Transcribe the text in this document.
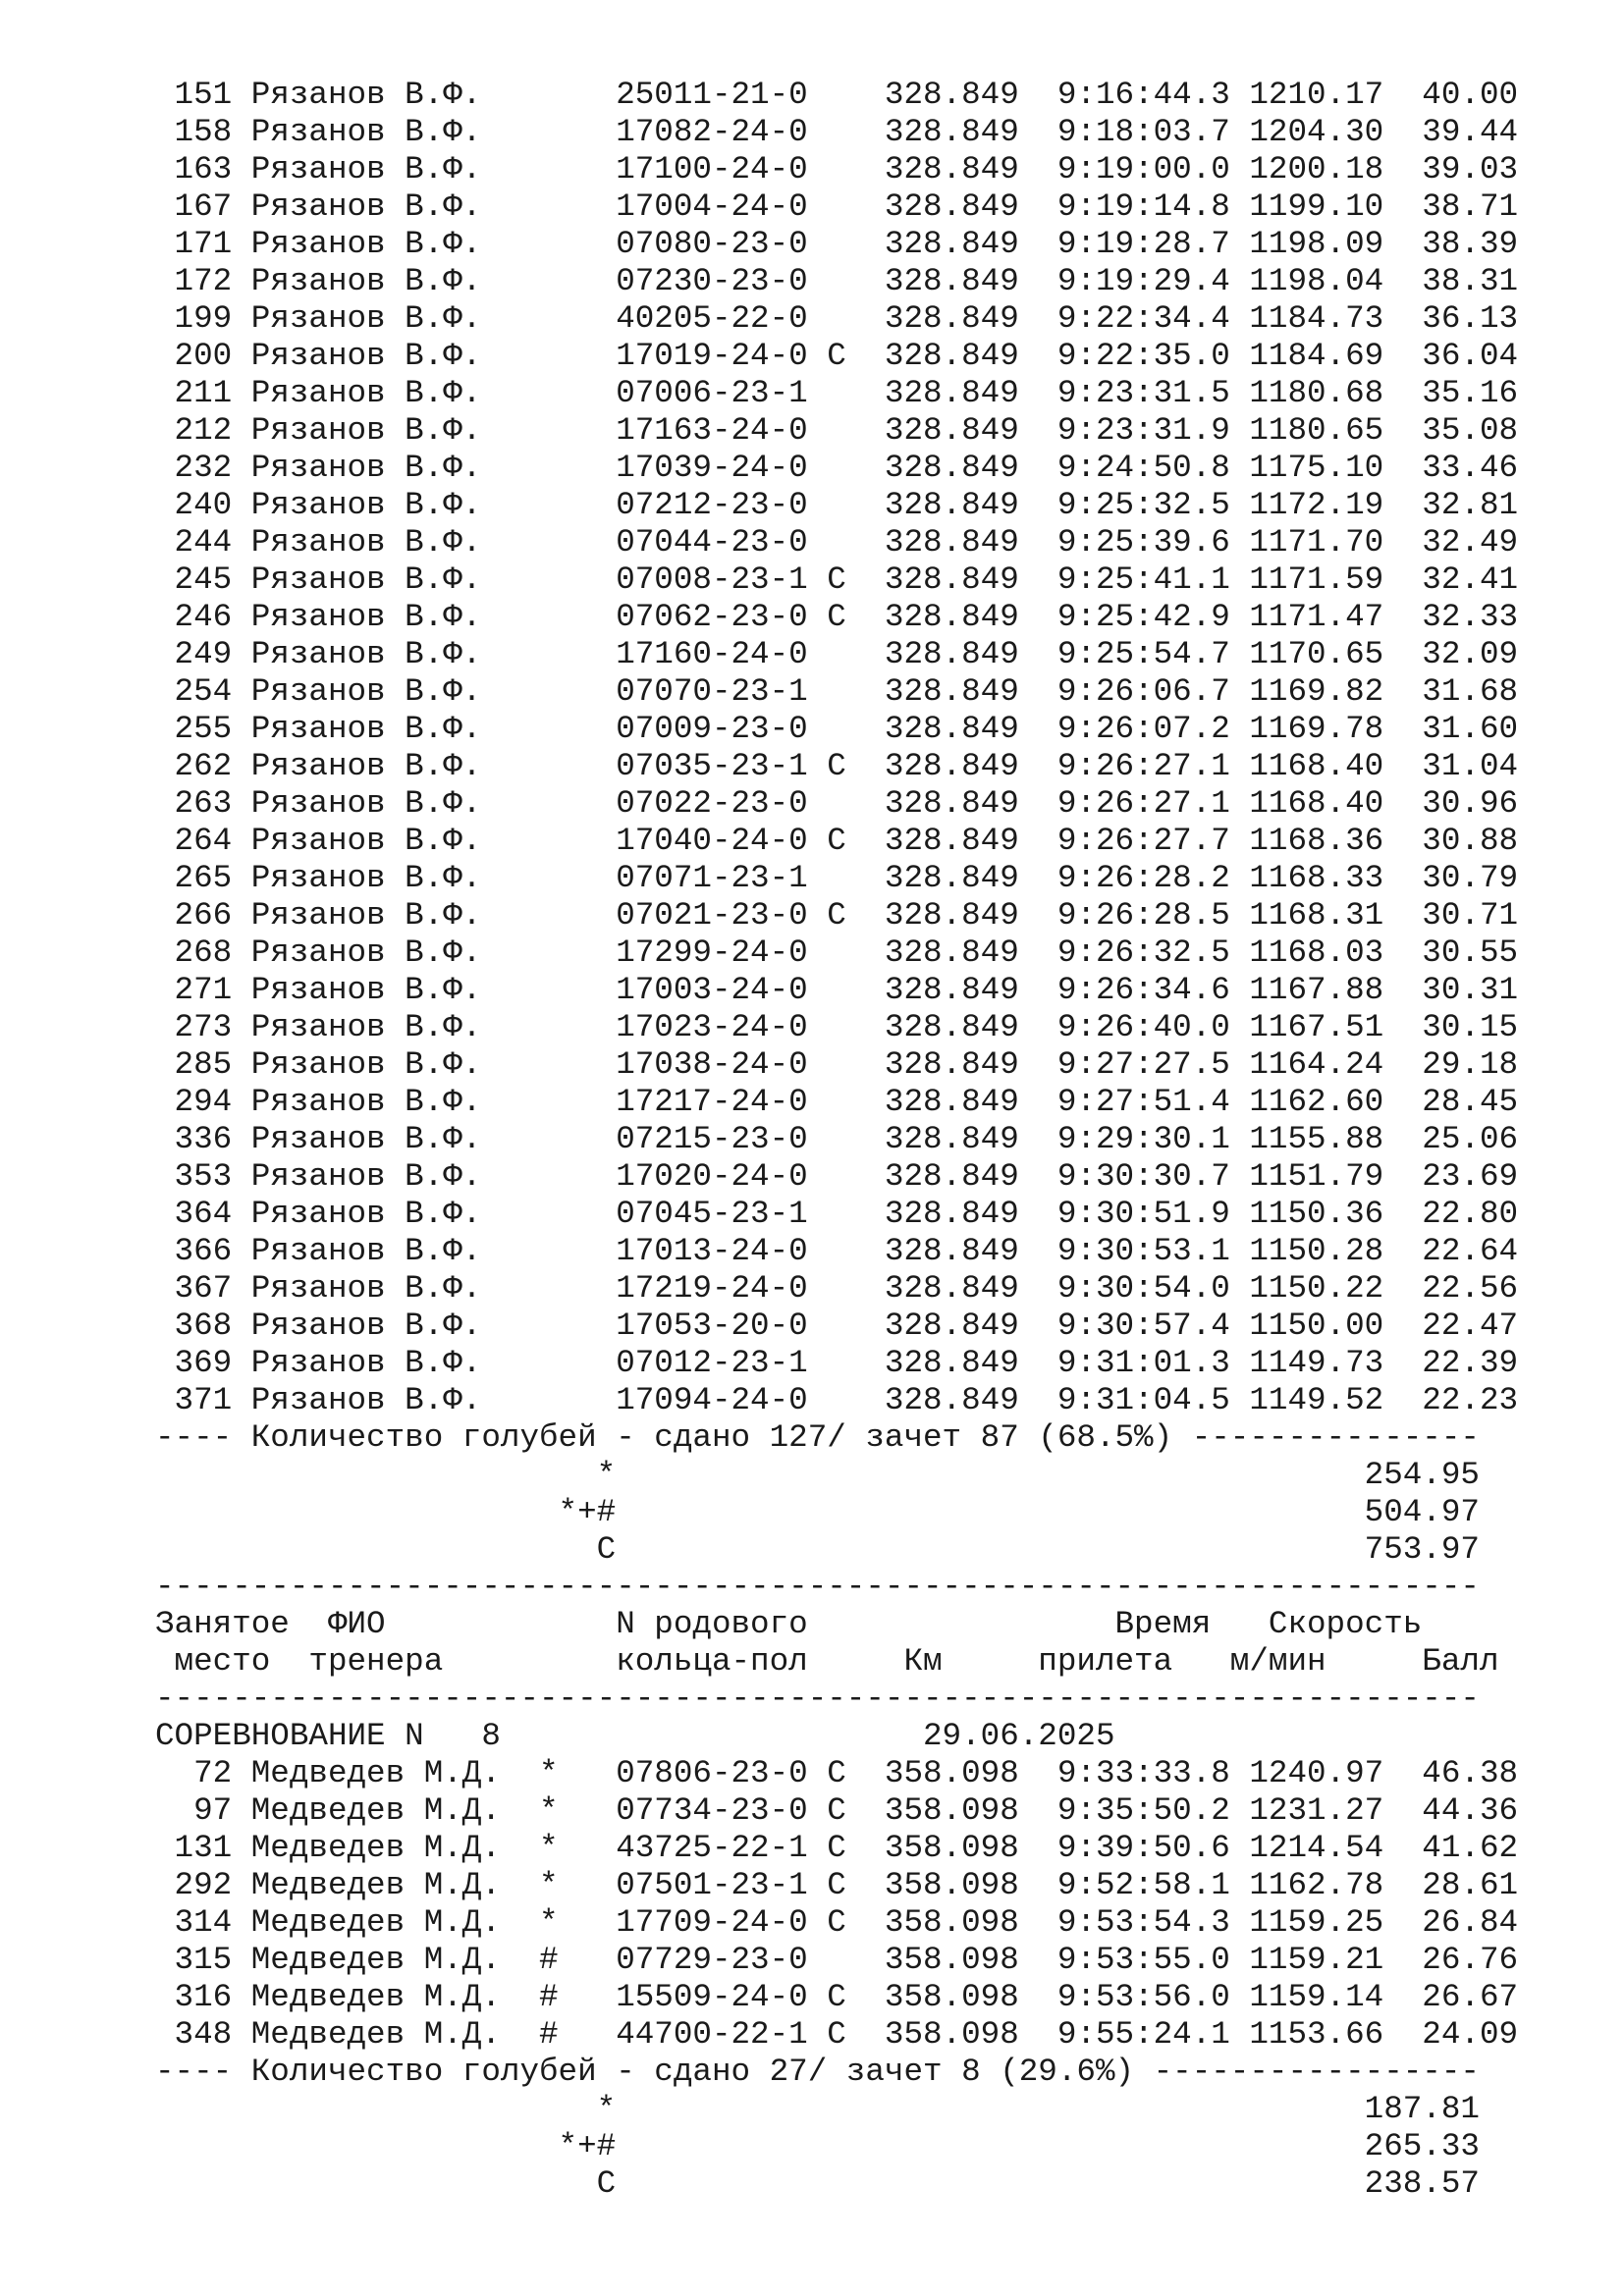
151 Рязанов В.Ф.       25011-21-0    328.849  9:16:44.3 1210.17  40.00
158 Рязанов В.Ф.       17082-24-0    328.849  9:18:03.7 1204.30  39.44
163 Рязанов В.Ф.       17100-24-0    328.849  9:19:00.0 1200.18  39.03
167 Рязанов В.Ф.       17004-24-0    328.849  9:19:14.8 1199.10  38.71
171 Рязанов В.Ф.       07080-23-0    328.849  9:19:28.7 1198.09  38.39
172 Рязанов В.Ф.       07230-23-0    328.849  9:19:29.4 1198.04  38.31
199 Рязанов В.Ф.       40205-22-0    328.849  9:22:34.4 1184.73  36.13
200 Рязанов В.Ф.       17019-24-0 C  328.849  9:22:35.0 1184.69  36.04
211 Рязанов В.Ф.       07006-23-1    328.849  9:23:31.5 1180.68  35.16
212 Рязанов В.Ф.       17163-24-0    328.849  9:23:31.9 1180.65  35.08
232 Рязанов В.Ф.       17039-24-0    328.849  9:24:50.8 1175.10  33.46
240 Рязанов В.Ф.       07212-23-0    328.849  9:25:32.5 1172.19  32.81
244 Рязанов В.Ф.       07044-23-0    328.849  9:25:39.6 1171.70  32.49
245 Рязанов В.Ф.       07008-23-1 C  328.849  9:25:41.1 1171.59  32.41
246 Рязанов В.Ф.       07062-23-0 C  328.849  9:25:42.9 1171.47  32.33
249 Рязанов В.Ф.       17160-24-0    328.849  9:25:54.7 1170.65  32.09
254 Рязанов В.Ф.       07070-23-1    328.849  9:26:06.7 1169.82  31.68
255 Рязанов В.Ф.       07009-23-0    328.849  9:26:07.2 1169.78  31.60
262 Рязанов В.Ф.       07035-23-1 C  328.849  9:26:27.1 1168.40  31.04
263 Рязанов В.Ф.       07022-23-0    328.849  9:26:27.1 1168.40  30.96
264 Рязанов В.Ф.       17040-24-0 C  328.849  9:26:27.7 1168.36  30.88
265 Рязанов В.Ф.       07071-23-1    328.849  9:26:28.2 1168.33  30.79
266 Рязанов В.Ф.       07021-23-0 C  328.849  9:26:28.5 1168.31  30.71
268 Рязанов В.Ф.       17299-24-0    328.849  9:26:32.5 1168.03  30.55
271 Рязанов В.Ф.       17003-24-0    328.849  9:26:34.6 1167.88  30.31
273 Рязанов В.Ф.       17023-24-0    328.849  9:26:40.0 1167.51  30.15
285 Рязанов В.Ф.       17038-24-0    328.849  9:27:27.5 1164.24  29.18
294 Рязанов В.Ф.       17217-24-0    328.849  9:27:51.4 1162.60  28.45
336 Рязанов В.Ф.       07215-23-0    328.849  9:29:30.1 1155.88  25.06
353 Рязанов В.Ф.       17020-24-0    328.849  9:30:30.7 1151.79  23.69
364 Рязанов В.Ф.       07045-23-1    328.849  9:30:51.9 1150.36  22.80
366 Рязанов В.Ф.       17013-24-0    328.849  9:30:53.1 1150.28  22.64
367 Рязанов В.Ф.       17219-24-0    328.849  9:30:54.0 1150.22  22.56
368 Рязанов В.Ф.       17053-20-0    328.849  9:30:57.4 1150.00  22.47
369 Рязанов В.Ф.       07012-23-1    328.849  9:31:01.3 1149.73  22.39
371 Рязанов В.Ф.       17094-24-0    328.849  9:31:04.5 1149.52  22.23
---- Количество голубей - сдано 127/ зачет 87 (68.5%) ---------------
*                                       254.95
*+#                                       504.97
C                                       753.97
---------------------------------------------------------------------
Занятое  ФИО            N родового                Время   Скорость
место  тренера         кольца-пол     Км     прилета   м/мин     Балл
---------------------------------------------------------------------
СОРЕВНОВАНИЕ N   8                      29.06.2025
72 Медведев М.Д.  *   07806-23-0 C  358.098  9:33:33.8 1240.97  46.38
97 Медведев М.Д.  *   07734-23-0 C  358.098  9:35:50.2 1231.27  44.36
131 Медведев М.Д.  *   43725-22-1 C  358.098  9:39:50.6 1214.54  41.62
292 Медведев М.Д.  *   07501-23-1 C  358.098  9:52:58.1 1162.78  28.61
314 Медведев М.Д.  *   17709-24-0 C  358.098  9:53:54.3 1159.25  26.84
315 Медведев М.Д.  #   07729-23-0    358.098  9:53:55.0 1159.21  26.76
316 Медведев М.Д.  #   15509-24-0 C  358.098  9:53:56.0 1159.14  26.67
348 Медведев М.Д.  #   44700-22-1 C  358.098  9:55:24.1 1153.66  24.09
---- Количество голубей - сдано 27/ зачет 8 (29.6%) -----------------
*                                       187.81
*+#                                       265.33
C                                       238.57
